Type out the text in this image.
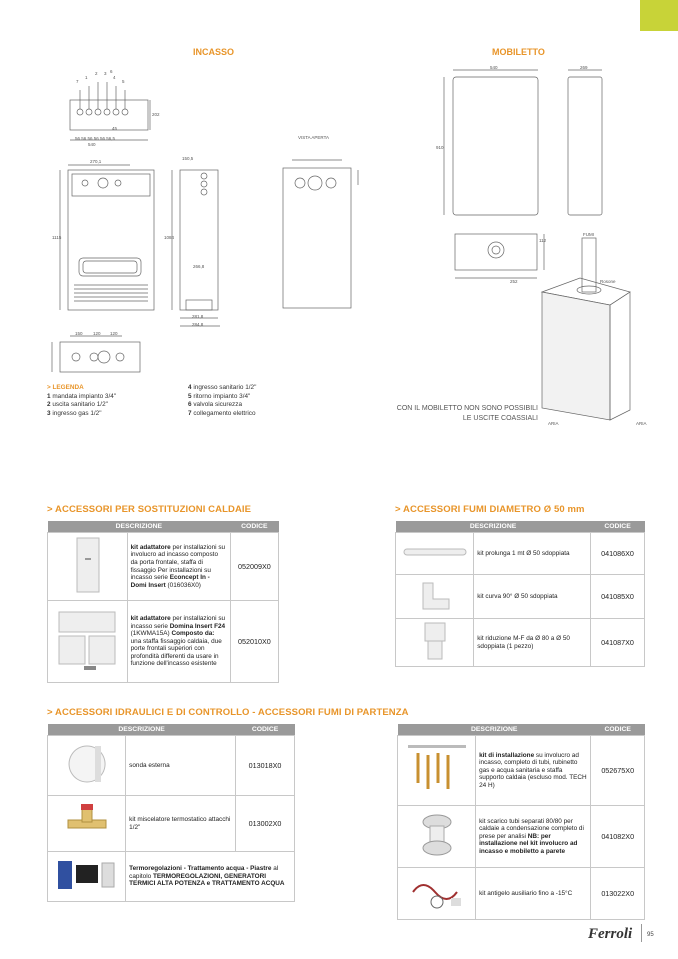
INCASSO	MOBILETTO
7
1
2 3
4
5
6
540
56 56 56 56 56 56,5
202
45
270,1
1115	1084
150,5
266,8
281,8
284,8
VISTA APERTA
150 120 120
540	269
910
112
252
FUMI
Rosone
ARIA	ARIA
CON IL MOBILETTO NON SONO POSSIBILI
LE USCITE COASSIALI
> LEGENDA
1 mandata impianto 3/4"
2 uscita sanitario 1/2"
3 ingresso gas 1/2"
4 ingresso sanitario 1/2"
5 ritorno impianto 3/4"
6 valvola sicurezza
7 collegamento elettrico
> ACCESSORI PER SOSTITUZIONI CALDAIE
DESCRIZIONE		CODICE
	kit adattatore per installazioni su involucro ad incasso composto da porta frontale, staffa di fissaggio Per installazioni su incasso serie Econcept In - Domi Insert (016036X0)	052009X0
	kit adattatore per installazioni su incasso serie Domina Insert F24 (1KWMA15A) Composto da: una staffa fissaggio caldaia, due porte frontali superiori con profondità differenti da usare in funzione dell'incasso esistente	052010X0
> ACCESSORI FUMI DIAMETRO Ø 50 mm
DESCRIZIONE		CODICE
	kit prolunga 1 mt Ø 50 sdoppiata	041086X0
	kit curva 90° Ø 50 sdoppiata	041085X0
	kit riduzione M-F da Ø 80 a Ø 50 sdoppiata (1 pezzo)	041087X0
> ACCESSORI IDRAULICI E DI CONTROLLO - ACCESSORI FUMI DI PARTENZA
DESCRIZIONE		CODICE
	sonda esterna	013018X0
	kit miscelatore termostatico attacchi 1/2"	013002X0
	Termoregolazioni - Trattamento acqua - Piastre al capitolo TERMOREGOLAZIONI, GENERATORI TERMICI ALTA POTENZA e TRATTAMENTO ACQUA	
DESCRIZIONE		CODICE
	kit di installazione su involucro ad incasso, completo di tubi, rubinetto gas e acqua sanitaria e staffa supporto caldaia (escluso mod. TECH 24 H)	052675X0
	kit scarico tubi separati 80/80 per caldaie a condensazione completo di prese per analisi NB: per installazione nel kit involucro ad incasso e mobiletto a parete	041082X0
	kit antigelo ausiliario fino a -15°C	013022X0
Ferroli 95
